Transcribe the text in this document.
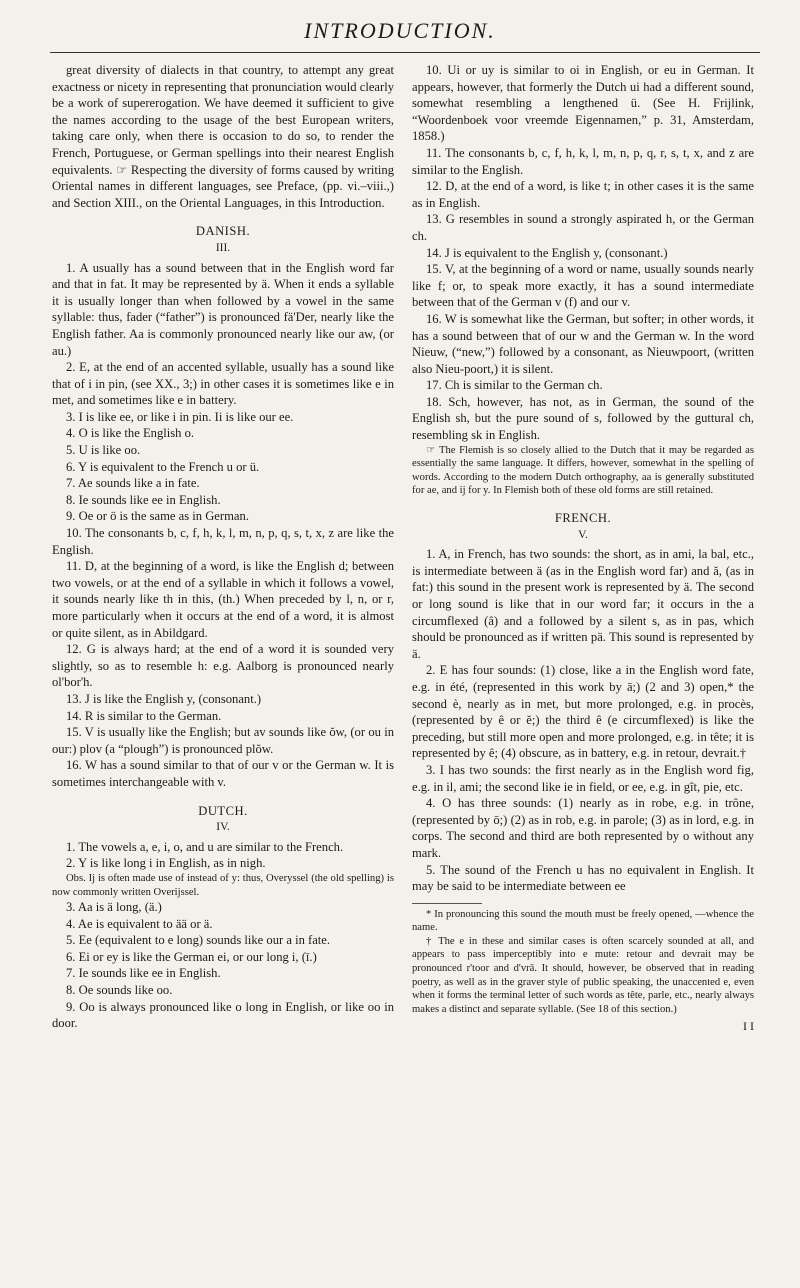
INTRODUCTION.

great diversity of dialects in that country, to attempt any great exactness or nicety in representing that pronunciation would clearly be a work of supererogation. We have deemed it sufficient to give the names according to the usage of the best European writers, taking care only, when there is occasion to do so, to render the French, Portuguese, or German spellings into their nearest English equivalents. ☞ Respecting the diversity of forms caused by writing Oriental names in different languages, see Preface, (pp. vi.–viii.,) and Section XIII., on the Oriental Languages, in this Introduction.

DANISH.
III.

1. A usually has a sound between that in the English word far and that in fat. It may be represented by ä. When it ends a syllable it is usually longer than when followed by a vowel in the same syllable: thus, fader (“father”) is pronounced fä'Der, nearly like the English father. Aa is commonly pronounced nearly like our aw, (or au.)

2. E, at the end of an accented syllable, usually has a sound like that of i in pin, (see XX., 3;) in other cases it is sometimes like e in met, and sometimes like e in battery.

3. I is like ee, or like i in pin. Ii is like our ee.

4. O is like the English o.

5. U is like oo.

6. Y is equivalent to the French u or ü.

7. Ae sounds like a in fate.

8. Ie sounds like ee in English.

9. Oe or ö is the same as in German.

10. The consonants b, c, f, h, k, l, m, n, p, q, s, t, x, z are like the English.

11. D, at the beginning of a word, is like the English d; between two vowels, or at the end of a syllable in which it follows a vowel, it sounds nearly like th in this, (th.) When preceded by l, n, or r, more particularly when it occurs at the end of a word, it is almost or quite silent, as in Abildgard.

12. G is always hard; at the end of a word it is sounded very slightly, so as to resemble h: e.g. Aalborg is pronounced nearly ol'bor'h.

13. J is like the English y, (consonant.)

14. R is similar to the German.

15. V is usually like the English; but av sounds like ŏw, (or ou in our:) plov (a “plough”) is pronounced plŏw.

16. W has a sound similar to that of our v or the German w. It is sometimes interchangeable with v.

DUTCH.
IV.

1. The vowels a, e, i, o, and u are similar to the French.

2. Y is like long i in English, as in nigh.

Obs. Ij is often made use of instead of y: thus, Overyssel (the old spelling) is now commonly written Overijssel.

3. Aa is ä long, (ä.)

4. Ae is equivalent to ää or ä.

5. Ee (equivalent to e long) sounds like our a in fate.

6. Ei or ey is like the German ei, or our long i, (ī.)

7. Ie sounds like ee in English.

8. Oe sounds like oo.

9. Oo is always pronounced like o long in English, or like oo in door.

10. Ui or uy is similar to oi in English, or eu in German. It appears, however, that formerly the Dutch ui had a different sound, somewhat resembling a lengthened ü. (See H. Frijlink, “Woordenboek voor vreemde Eigennamen,” p. 31, Amsterdam, 1858.)

11. The consonants b, c, f, h, k, l, m, n, p, q, r, s, t, x, and z are similar to the English.

12. D, at the end of a word, is like t; in other cases it is the same as in English.

13. G resembles in sound a strongly aspirated h, or the German ch.

14. J is equivalent to the English y, (consonant.)

15. V, at the beginning of a word or name, usually sounds nearly like f; or, to speak more exactly, it has a sound intermediate between that of the German v (f) and our v.

16. W is somewhat like the German, but softer; in other words, it has a sound between that of our w and the German w. In the word Nieuw, (“new,”) followed by a consonant, as Nieuwpoort, (written also Nieu-poort,) it is silent.

17. Ch is similar to the German ch.

18. Sch, however, has not, as in German, the sound of the English sh, but the pure sound of s, followed by the guttural ch, resembling sk in English.

☞ The Flemish is so closely allied to the Dutch that it may be regarded as essentially the same language. It differs, however, somewhat in the spelling of words. According to the modern Dutch orthography, aa is generally substituted for ae, and ij for y. In Flemish both of these old forms are still retained.

FRENCH.
V.

1. A, in French, has two sounds: the short, as in ami, la bal, etc., is intermediate between ä (as in the English word far) and ă, (as in fat:) this sound in the present work is represented by ä. The second or long sound is like that in our word far; it occurs in the a circumflexed (â) and a followed by a silent s, as in pas, which should be pronounced as if written pä. This sound is represented by ä.

2. E has four sounds: (1) close, like a in the English word fate, e.g. in été, (represented in this work by ā;) (2 and 3) open,* the second è, nearly as in met, but more prolonged, e.g. in procès, (represented by ê or ĕ;) the third ê (e circumflexed) is like the preceding, but still more open and more prolonged, e.g. in tête; it is represented by ê; (4) obscure, as in battery, e.g. in retour, devrait.†

3. I has two sounds: the first nearly as in the English word fig, e.g. in il, ami; the second like ie in field, or ee, e.g. in gît, pie, etc.

4. O has three sounds: (1) nearly as in robe, e.g. in trône, (represented by ō;) (2) as in rob, e.g. in parole; (3) as in lord, e.g. in corps. The second and third are both represented by o without any mark.

5. The sound of the French u has no equivalent in English. It may be said to be intermediate between ee

* In pronouncing this sound the mouth must be freely opened, —whence the name.

† The e in these and similar cases is often scarcely sounded at all, and appears to pass imperceptibly into e mute: retour and devrait may be pronounced r'toor and d'vrā. It should, however, be observed that in reading poetry, as well as in the graver style of public speaking, the unaccented e, even when it forms the terminal letter of such words as tête, parle, etc., nearly always makes a distinct and separate syllable. (See 18 of this section.)

I I
